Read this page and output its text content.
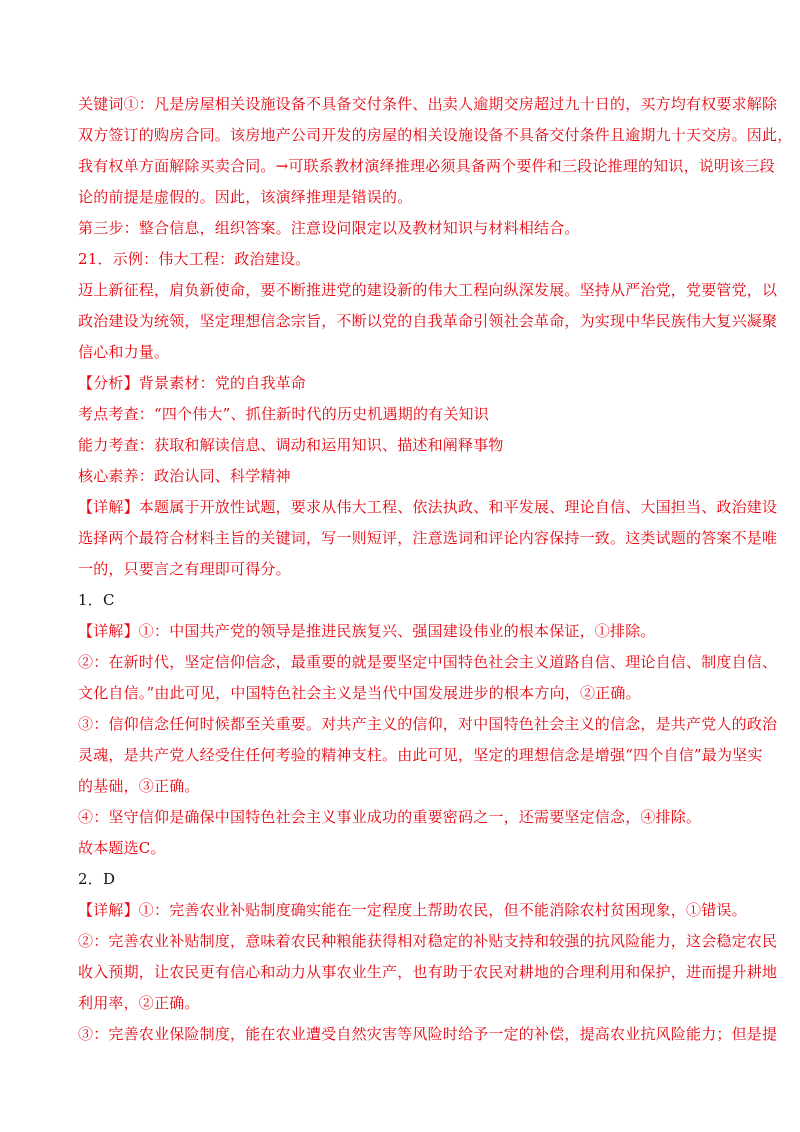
关键词①：凡是房屋相关设施设备不具备交付条件、出卖人逾期交房超过九十日的，买方均有权要求解除
双方签订的购房合同。该房地产公司开发的房屋的相关设施设备不具备交付条件且逾期九十天交房。因此，
我有权单方面解除买卖合同。→可联系教材演绎推理必须具备两个要件和三段论推理的知识，说明该三段
论的前提是虚假的。因此，该演绎推理是错误的。
第三步：整合信息，组织答案。注意设问限定以及教材知识与材料相结合。
21．示例：伟大工程：政治建设。
迈上新征程，肩负新使命，要不断推进党的建设新的伟大工程向纵深发展。坚持从严治党，党要管党，以
政治建设为统领，坚定理想信念宗旨，不断以党的自我革命引领社会革命，为实现中华民族伟大复兴凝聚
信心和力量。
【分析】背景素材：党的自我革命
考点考查：“四个伟大”、抓住新时代的历史机遇期的有关知识
能力考查：获取和解读信息、调动和运用知识、描述和阐释事物
核心素养：政治认同、科学精神
【详解】本题属于开放性试题，要求从伟大工程、依法执政、和平发展、理论自信、大国担当、政治建设
选择两个最符合材料主旨的关键词，写一则短评，注意选词和评论内容保持一致。这类试题的答案不是唯
一的，只要言之有理即可得分。
1．C
【详解】①：中国共产党的领导是推进民族复兴、强国建设伟业的根本保证，①排除。
②：在新时代，坚定信仰信念，最重要的就是要坚定中国特色社会主义道路自信、理论自信、制度自信、
文化自信。”由此可见，中国特色社会主义是当代中国发展进步的根本方向，②正确。
③：信仰信念任何时候都至关重要。对共产主义的信仰，对中国特色社会主义的信念，是共产党人的政治
灵魂，是共产党人经受住任何考验的精神支柱。由此可见，坚定的理想信念是增强“四个自信”最为坚实
的基础，③正确。
④：坚守信仰是确保中国特色社会主义事业成功的重要密码之一，还需要坚定信念，④排除。
故本题选C。
2．D
【详解】①：完善农业补贴制度确实能在一定程度上帮助农民，但不能消除农村贫困现象，①错误。
②：完善农业补贴制度，意味着农民种粮能获得相对稳定的补贴支持和较强的抗风险能力，这会稳定农民
收入预期，让农民更有信心和动力从事农业生产，也有助于农民对耕地的合理利用和保护，进而提升耕地
利用率，②正确。
③：完善农业保险制度，能在农业遭受自然灾害等风险时给予一定的补偿，提高农业抗风险能力；但是提
